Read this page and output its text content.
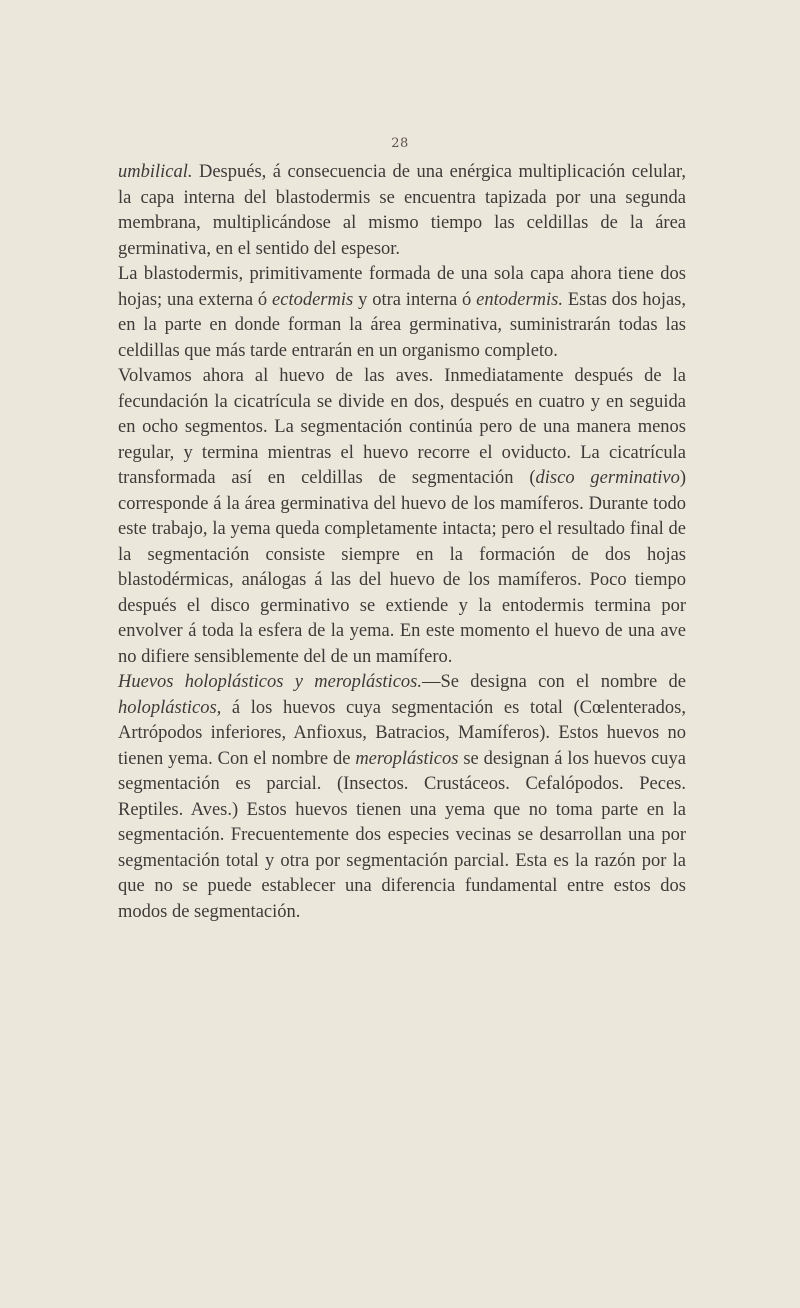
28

umbilical. Después, á consecuencia de una enérgica multiplicación celular, la capa interna del blastodermis se encuentra tapizada por una segunda membrana, multiplicándose al mismo tiempo las celdillas de la área germinativa, en el sentido del espesor.

La blastodermis, primitivamente formada de una sola capa ahora tiene dos hojas; una externa ó ectodermis y otra interna ó entodermis. Estas dos hojas, en la parte en donde forman la área germinativa, suministrarán todas las celdillas que más tarde entrarán en un organismo completo.

Volvamos ahora al huevo de las aves. Inmediatamente después de la fecundación la cicatrícula se divide en dos, después en cuatro y en seguida en ocho segmentos. La segmentación continúa pero de una manera menos regular, y termina mientras el huevo recorre el oviducto. La cicatrícula transformada así en celdillas de segmentación (disco germinativo) corresponde á la área germinativa del huevo de los mamíferos. Durante todo este trabajo, la yema queda completamente intacta; pero el resultado final de la segmentación consiste siempre en la formación de dos hojas blastodérmicas, análogas á las del huevo de los mamíferos. Poco tiempo después el disco germinativo se extiende y la entodermis termina por envolver á toda la esfera de la yema. En este momento el huevo de una ave no difiere sensiblemente del de un mamífero.

Huevos holoplásticos y meroplásticos.—Se designa con el nombre de holoplásticos, á los huevos cuya segmentación es total (Cœlenterados, Artrópodos inferiores, Anfioxus, Batracios, Mamíferos). Estos huevos no tienen yema. Con el nombre de meroplásticos se designan á los huevos cuya segmentación es parcial. (Insectos. Crustáceos. Cefalópodos. Peces. Reptiles. Aves.) Estos huevos tienen una yema que no toma parte en la segmentación. Frecuentemente dos especies vecinas se desarrollan una por segmentación total y otra por segmentación parcial. Esta es la razón por la que no se puede establecer una diferencia fundamental entre estos dos modos de segmentación.
